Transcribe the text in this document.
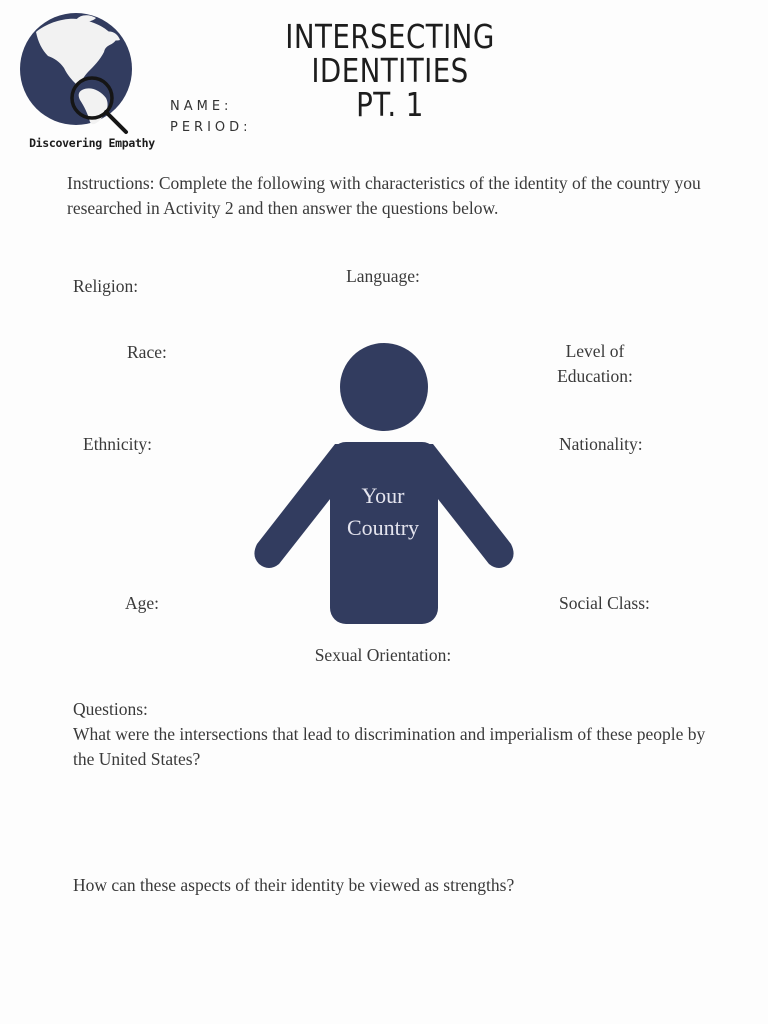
Discovering Empathy
INTERSECTING IDENTITIES
PT. 1
NAME:
PERIOD:
Instructions: Complete the following with characteristics of the identity of the country you researched in Activity 2 and then answer the questions below.
Religion:	Language:
Race:	Level of
Education:
Ethnicity:	Nationality:
Age:	Social Class:
Sexual Orientation:
Your
Country
Questions:
What were the intersections that lead to discrimination and imperialism of these people by the United States?
How can these aspects of their identity be viewed as strengths?
